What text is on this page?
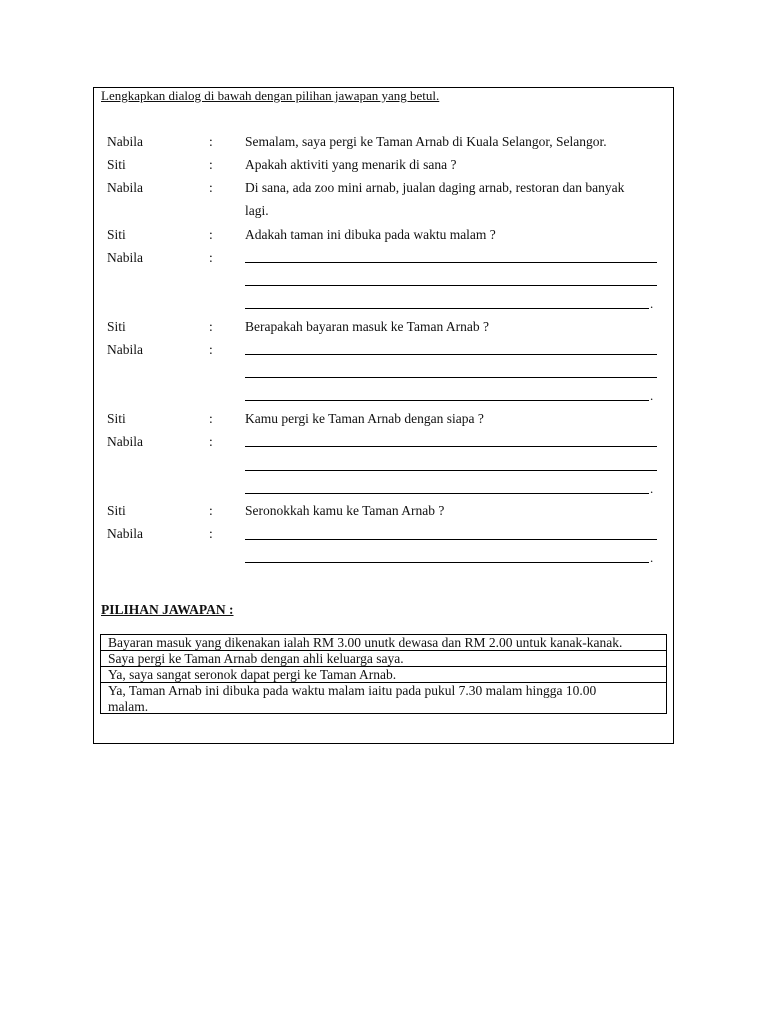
Lengkapkan dialog di bawah dengan pilihan jawapan yang betul.
Nabila	: Semalam, saya pergi ke Taman Arnab di Kuala Selangor, Selangor.
Siti	: Apakah aktiviti yang menarik di sana ?
Nabila	: Di sana, ada zoo mini arnab, jualan daging arnab, restoran dan banyak
lagi.
Siti	: Adakah taman ini dibuka pada waktu malam ?
Nabila	:
.
Siti	: Berapakah bayaran masuk ke Taman Arnab ?
Nabila	:
.
Siti	: Kamu pergi ke Taman Arnab dengan siapa ?
Nabila	:
.
Siti	: Seronokkah kamu ke Taman Arnab ?
Nabila	:
.
PILIHAN JAWAPAN :
Bayaran masuk yang dikenakan ialah RM 3.00 unutk dewasa dan RM 2.00 untuk kanak-kanak.
Saya pergi ke Taman Arnab dengan ahli keluarga saya.
Ya, saya sangat seronok dapat pergi ke Taman Arnab.
Ya, Taman Arnab ini dibuka pada waktu malam iaitu pada pukul 7.30 malam hingga 10.00
malam.
